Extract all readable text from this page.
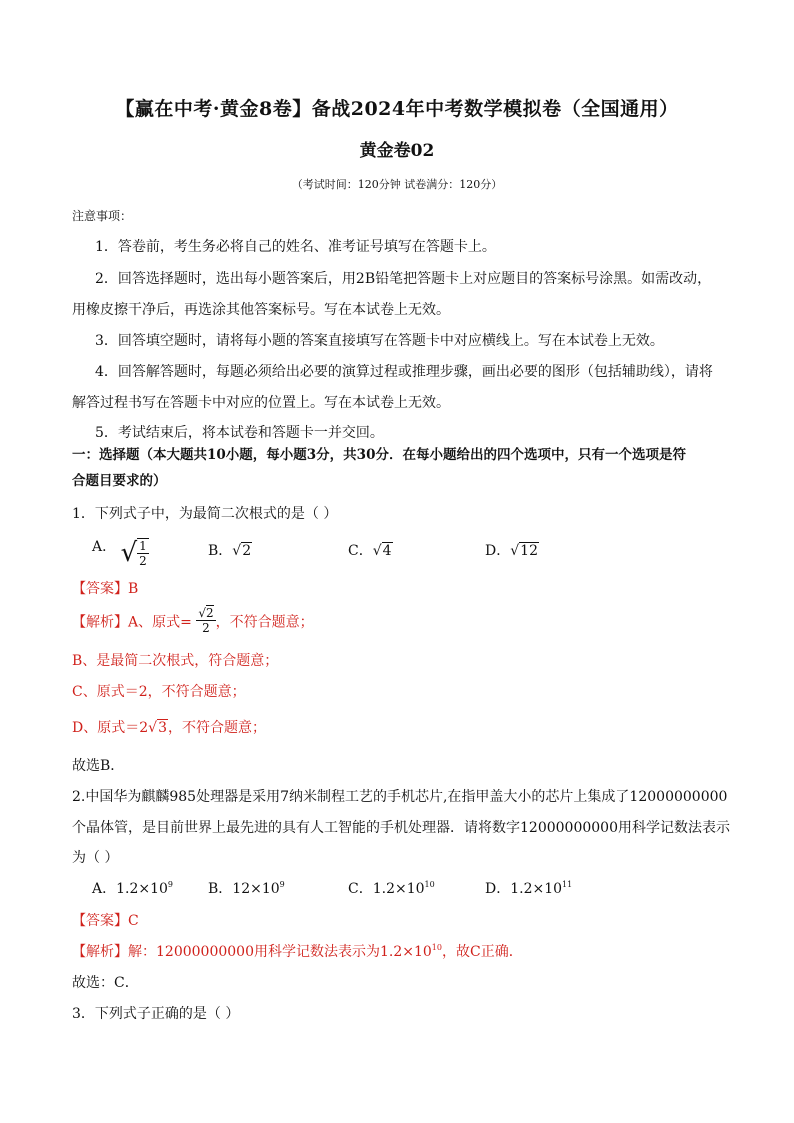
【赢在中考·黄金8卷】备战2024年中考数学模拟卷（全国通用）
黄金卷02
（考试时间：120分钟 试卷满分：120分）
注意事项：
1．答卷前，考生务必将自己的姓名、准考证号填写在答题卡上。
2．回答选择题时，选出每小题答案后，用2B铅笔把答题卡上对应题目的答案标号涂黑。如需改动，
用橡皮擦干净后，再选涂其他答案标号。写在本试卷上无效。
3．回答填空题时，请将每小题的答案直接填写在答题卡中对应横线上。写在本试卷上无效。
4．回答解答题时，每题必须给出必要的演算过程或推理步骤，画出必要的图形（包括辅助线），请将
解答过程书写在答题卡中对应的位置上。写在本试卷上无效。
5．考试结束后，将本试卷和答题卡一并交回。
一：选择题（本大题共10小题，每小题3分，共30分．在每小题给出的四个选项中，只有一个选项是符
合题目要求的）
1．下列式子中，为最简二次根式的是（ ）
A． √ $\frac{1}{2}$	B．√2	C．√4	D．√12
【答案】B
【解析】A、原式= $\frac{√2}{2}$ ，不符合题意；
B、是最简二次根式，符合题意；
C、原式＝2，不符合题意；
D、原式＝2√3，不符合题意；
故选B．
2.中国华为麒麟985处理器是采用7纳米制程工艺的手机芯片,在指甲盖大小的芯片上集成了12000000000
个晶体管，是目前世界上最先进的具有人工智能的手机处理器．请将数字12000000000用科学记数法表示
为（ ）
A．$1.2\times 10^9$ B．$12\times 10^9$	C．$1.2\times 10^{10}$	D．$1.2\times 10^{11}$
【答案】C
【解析】解：12000000000用科学记数法表示为$1.2\times 10^{10}$，故C正确．
故选：C．
3．下列式子正确的是（ ）
